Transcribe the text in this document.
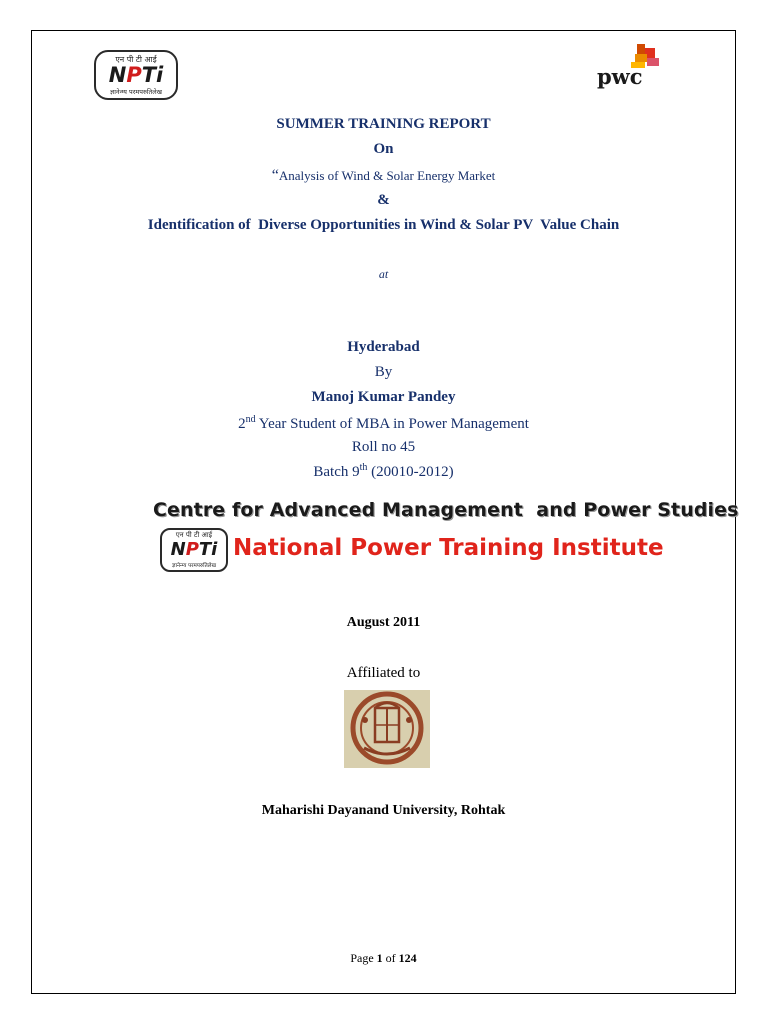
एन पी टी आई
NPTi
ज्ञानेन्ग्य परमपरुतिलेख
pwc
SUMMER TRAINING REPORT
On
“Analysis of Wind & Solar Energy Market
&
Identification of  Diverse Opportunities in Wind & Solar PV  Value Chain
at
Hyderabad
By
Manoj Kumar Pandey
2nd Year Student of MBA in Power Management
Roll no 45
Batch 9th (20010-2012)
Centre for Advanced Management  and Power Studies
एन पी टी आई
NPTi
ज्ञानेन्ग्य परमपरुतिलेख
National Power Training Institute
August 2011
Affiliated to
Maharishi Dayanand University, Rohtak
Page 1 of 124
